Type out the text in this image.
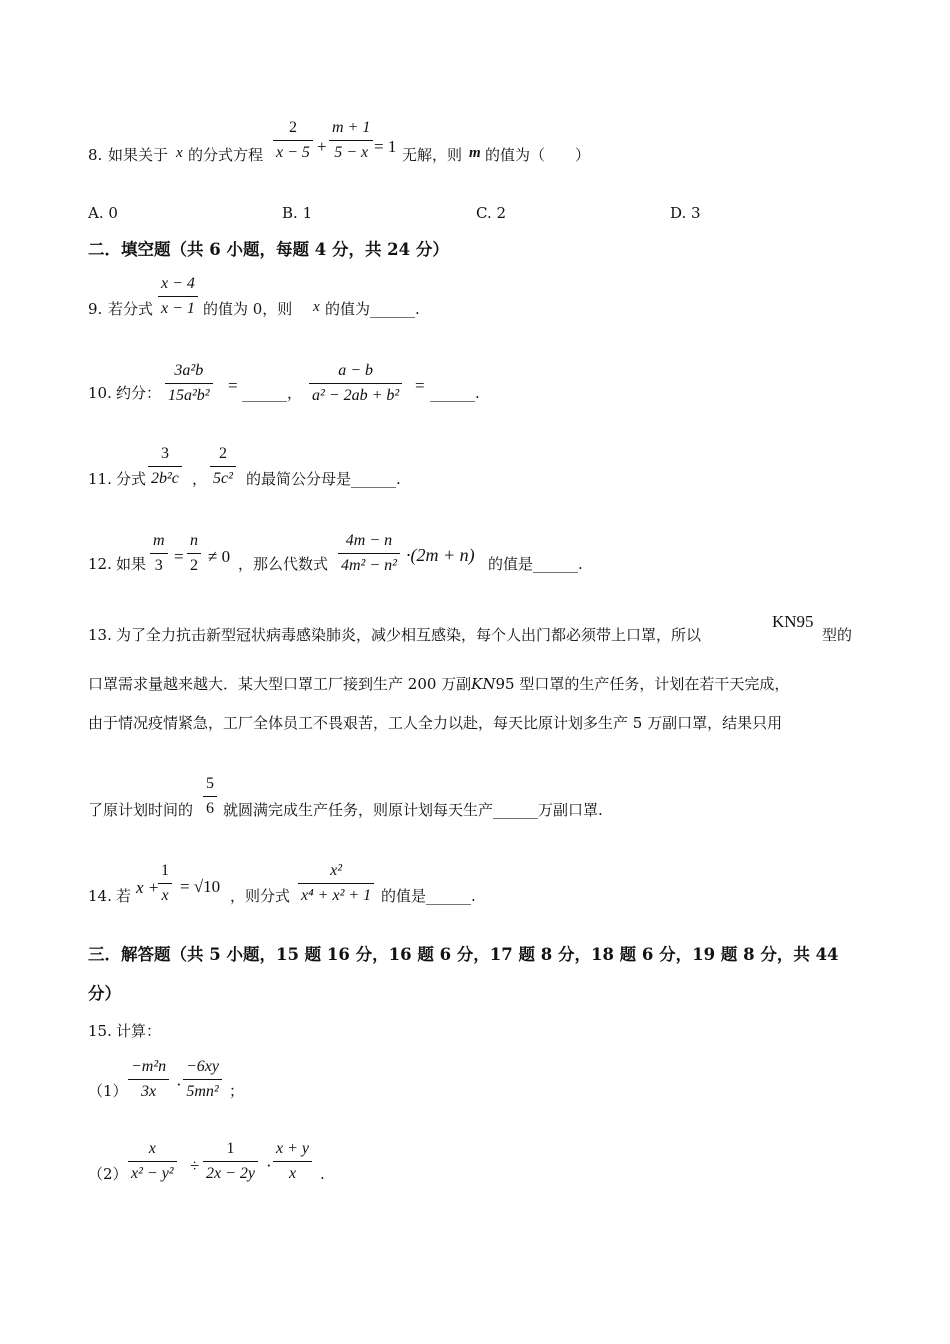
8. 如果关于 x 的分式方程
2
x − 5 +
m + 1
5 − x = 1 无解，则 m 的值为（　　）
A. 0	B. 1	C. 2	D. 3
二．填空题（共 6 小题，每题 4 分，共 24 分）
9. 若分式
x − 4
x − 1 的值为 0，则 x 的值为______.
10. 约分：
3a²b
15a²b²
= ______，
a − b
a² − 2ab + b²
= ______.
11. 分式
3
2b²c ，
2
5c² 的最简公分母是______.
12. 如果
m
3 =
n
2 ≠ 0 ，那么代数式
4m − n
4m² − n²
·(2m + n) 的值是______.
13. 为了全力抗击新型冠状病毒感染肺炎，减少相互感染，每个人出门都必须带上口罩，所以
KN95
型的
口罩需求量越来越大．某大型口罩工厂接到生产 200 万副KN95 型口罩的生产任务，计划在若干天完成，
由于情况疫情紧急，工厂全体员工不畏艰苦，工人全力以赴，每天比原计划多生产 5 万副口罩，结果只用
了原计划时间的
5
6 就圆满完成生产任务，则原计划每天生产______万副口罩.
14. 若 x +
1
x = √10 ，则分式
x²
x⁴ + x² + 1 的值是______.
三．解答题（共 5 小题，15 题 16 分，16 题 6 分，17 题 8 分，18 题 6 分，19 题 8 分，共 44
分）
15. 计算：
（1）
−m²n
3x ·
−6xy
5mn² ；
（2）
x
x² − y² ÷
1
2x − 2y ·
x + y
x .
